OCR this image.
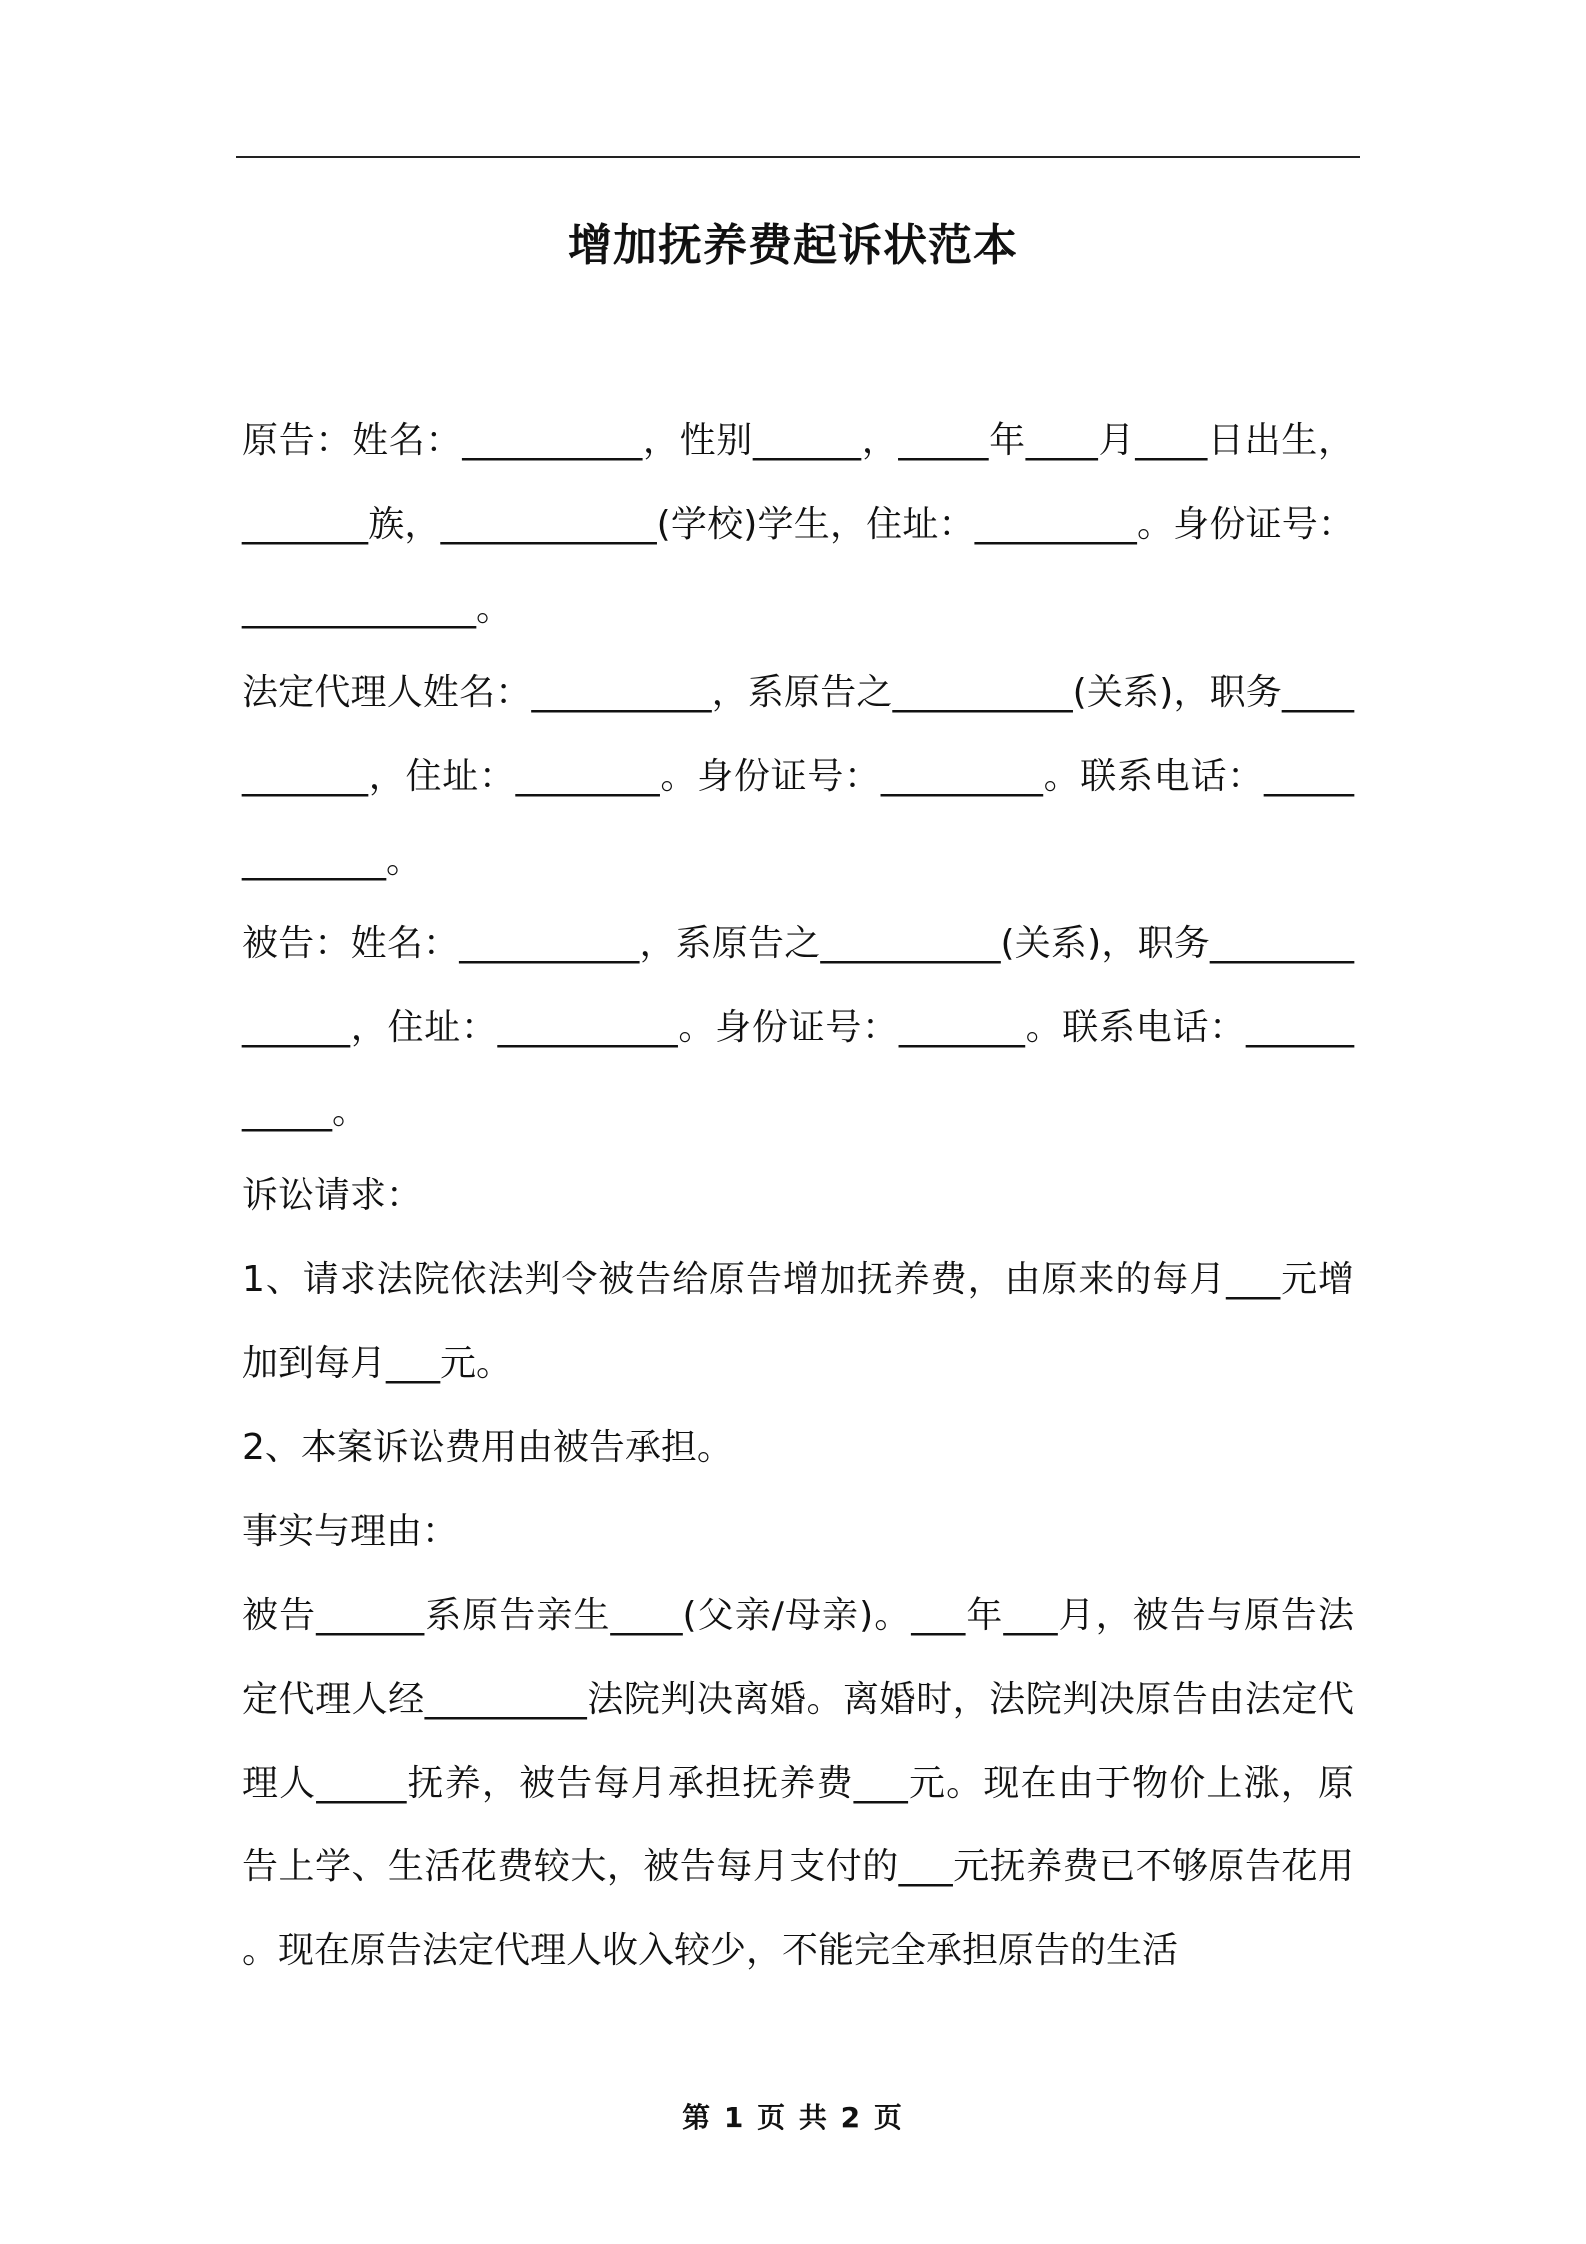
增加抚养费起诉状范本

原告：姓名：__________，性别______，_____年____月____日出生，_______族，____________(学校)学生，住址：_________。身份证号：_____________。

法定代理人姓名：__________，系原告之__________(关系)，职务___________，住址：________。身份证号：_________。联系电话：_____________。

被告：姓名：__________，系原告之__________(关系)，职务______________，住址：__________。身份证号：_______。联系电话：___________。

诉讼请求：

1、请求法院依法判令被告给原告增加抚养费，由原来的每月___元增加到每月___元。

2、本案诉讼费用由被告承担。

事实与理由：

被告______系原告亲生____(父亲/母亲)。___年___月，被告与原告法定代理人经_________法院判决离婚。离婚时，法院判决原告由法定代理人_____抚养，被告每月承担抚养费___元。现在由于物价上涨，原告上学、生活花费较大，被告每月支付的___元抚养费已不够原告花用。现在原告法定代理人收入较少，不能完全承担原告的生活

第 1 页 共 2 页
